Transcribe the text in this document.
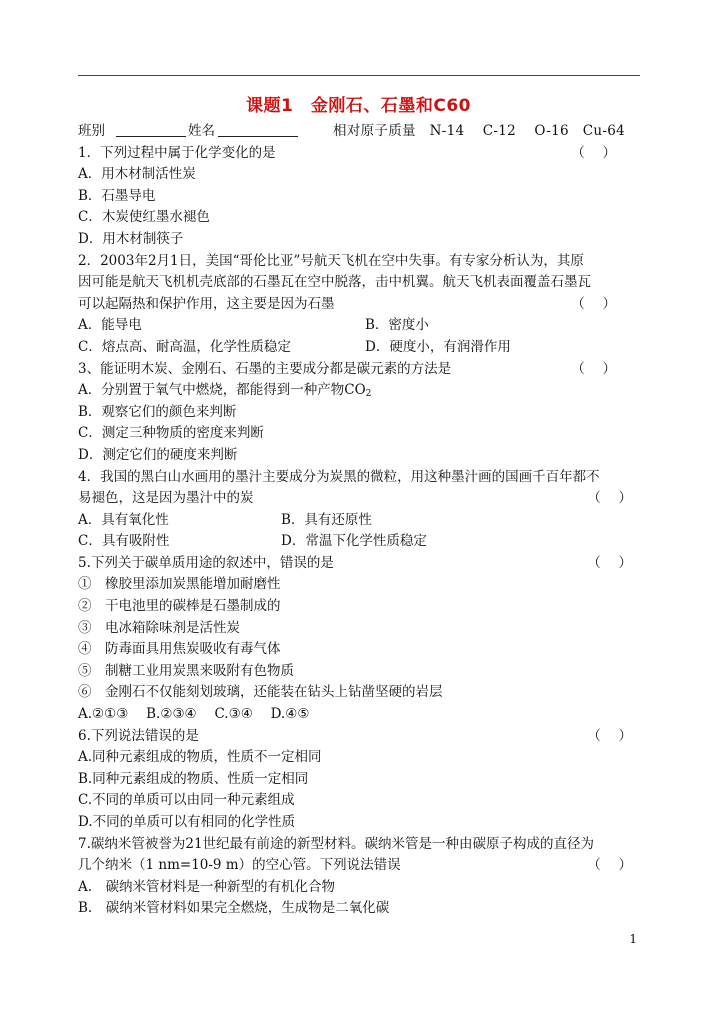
课题1　金刚石、石墨和C60
班别	姓名	相对原子质量　N-14　 C-12　 O-16　Cu-64
1．下列过程中属于化学变化的是	（　 ）
A．用木材制活性炭
B．石墨导电
C．木炭使红墨水褪色
D．用木材制筷子
2．2003年2月1日，美国“哥伦比亚”号航天飞机在空中失事。有专家分析认为，其原
因可能是航天飞机机壳底部的石墨瓦在空中脱落，击中机翼。航天飞机表面覆盖石墨瓦
可以起隔热和保护作用，这主要是因为石墨	（　 ）
A．能导电	B．密度小
C．熔点高、耐高温，化学性质稳定	D．硬度小，有润滑作用
3、能证明木炭、金刚石、石墨的主要成分都是碳元素的方法是	（　 ）
A．分别置于氧气中燃烧，都能得到一种产物$CO_2$
B．观察它们的颜色来判断
C．测定三种物质的密度来判断
D．测定它们的硬度来判断
4．我国的黑白山水画用的墨汁主要成分为炭黑的微粒，用这种墨汁画的国画千百年都不
易褪色，这是因为墨汁中的炭	（　 ）
A．具有氧化性	B．具有还原性
C．具有吸附性	D．常温下化学性质稳定
5.下列关于碳单质用途的叙述中，错误的是	（　 ）
①　橡胶里添加炭黑能增加耐磨性
②　干电池里的碳棒是石墨制成的
③　电冰箱除味剂是活性炭
④　防毒面具用焦炭吸收有毒气体
⑤　制糖工业用炭黑来吸附有色物质
⑥　金刚石不仅能刻划玻璃，还能装在钻头上钻凿坚硬的岩层
A.②①③　 B.②③④　 C.③④　 D.④⑤
6.下列说法错误的是	（　 ）
A.同种元素组成的物质，性质不一定相同
B.同种元素组成的物质、性质一定相同
C.不同的单质可以由同一种元素组成
D.不同的单质可以有相同的化学性质
7.碳纳米管被誉为21世纪最有前途的新型材料。碳纳米管是一种由碳原子构成的直径为
几个纳米（1 nm=10-9 m）的空心管。下列说法错误	（　 ）
A.　碳纳米管材料是一种新型的有机化合物
B.　碳纳米管材料如果完全燃烧，生成物是二氧化碳
1
